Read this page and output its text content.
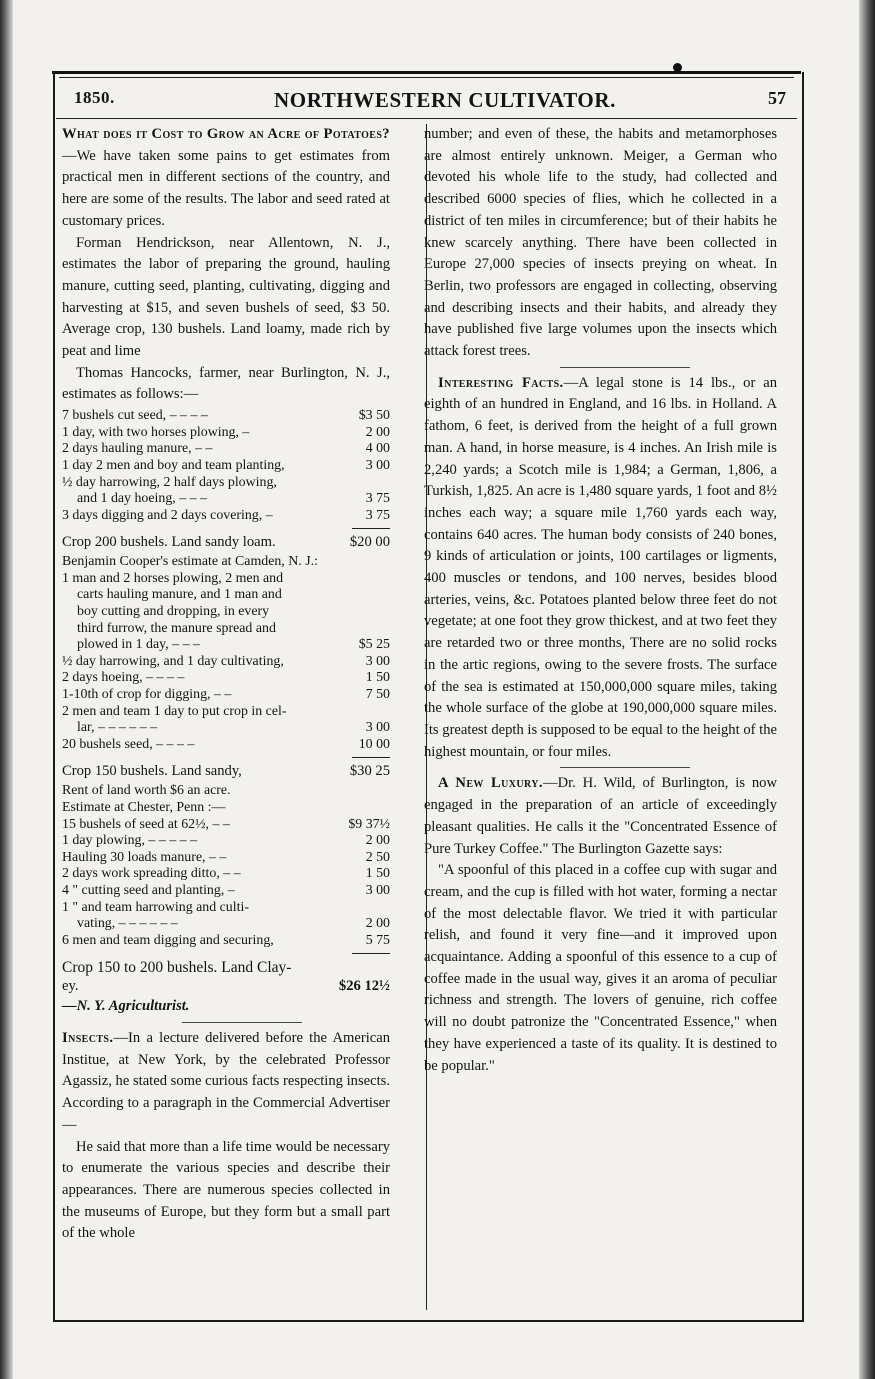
1850.	NORTHWESTERN CULTIVATOR.	57

What does it Cost to Grow an Acre of Potatoes?—We have taken some pains to get estimates from practical men in different sections of the country, and here are some of the results. The labor and seed rated at customary prices.

Forman Hendrickson, near Allentown, N. J., estimates the labor of preparing the ground, hauling manure, cutting seed, planting, cultivating, digging and harvesting at $15, and seven bushels of seed, $3 50. Average crop, 130 bushels. Land loamy, made rich by peat and lime

Thomas Hancocks, farmer, near Burlington, N. J., estimates as follows:—

7 bushels cut seed, – – – –	$3 50
1 day, with two horses plowing, –	2 00
2 days hauling manure, – –	4 00
1 day 2 men and boy and team planting,	3 00
½ day harrowing, 2 half days plowing,
and 1 day hoeing, – – –	3 75
3 days digging and 2 days covering, –	3 75
Crop 200 bushels. Land sandy loam.	$20 00
Benjamin Cooper's estimate at Camden, N. J.:
1 man and 2 horses plowing, 2 men and
carts hauling manure, and 1 man and
boy cutting and dropping, in every
third furrow, the manure spread and
plowed in 1 day, – – –	$5 25
½ day harrowing, and 1 day cultivating,	3 00
2 days hoeing, – – – –	1 50
1-10th of crop for digging, – –	7 50
2 men and team 1 day to put crop in cel-
lar, – – – – – –	3 00
20 bushels seed, – – – –	10 00
Crop 150 bushels. Land sandy,	$30 25
Rent of land worth $6 an acre.
Estimate at Chester, Penn :—
15 bushels of seed at 62½, – –	$9 37½
1 day plowing, – – – – –	2 00
Hauling 30 loads manure, – –	2 50
2 days work spreading ditto, – –	1 50
4 " cutting seed and planting, –	3 00
1 " and team harrowing and culti-
vating, – – – – – –	2 00
6 men and team digging and securing,	5 75
Crop 150 to 200 bushels. Land Clay-
ey.	$26 12½

—N. Y. Agriculturist.

Insects.—In a lecture delivered before the American Institue, at New York, by the celebrated Professor Agassiz, he stated some curious facts respecting insects. According to a paragraph in the Commercial Advertiser—

He said that more than a life time would be necessary to enumerate the various species and describe their appearances. There are numerous species collected in the museums of Europe, but they form but a small part of the whole

number; and even of these, the habits and metamorphoses are almost entirely unknown. Meiger, a German who devoted his whole life to the study, had collected and described 6000 species of flies, which he collected in a district of ten miles in circumference; but of their habits he knew scarcely anything. There have been collected in Europe 27,000 species of insects preying on wheat. In Berlin, two professors are engaged in collecting, observing and describing insects and their habits, and already they have published five large volumes upon the insects which attack forest trees.

Interesting Facts.—A legal stone is 14 lbs., or an eighth of an hundred in England, and 16 lbs. in Holland. A fathom, 6 feet, is derived from the height of a full grown man. A hand, in horse measure, is 4 inches. An Irish mile is 2,240 yards; a Scotch mile is 1,984; a German, 1,806, a Turkish, 1,825. An acre is 1,480 square yards, 1 foot and 8½ inches each way; a square mile 1,760 yards each way, contains 640 acres. The human body consists of 240 bones, 9 kinds of articulation or joints, 100 cartilages or ligments, 400 muscles or tendons, and 100 nerves, besides blood arteries, veins, &c. Potatoes planted below three feet do not vegetate; at one foot they grow thickest, and at two feet they are retarded two or three months, There are no solid rocks in the artic regions, owing to the severe frosts. The surface of the sea is estimated at 150,000,000 square miles, taking the whole surface of the globe at 190,000,000 square miles. Its greatest depth is supposed to be equal to the height of the highest mountain, or four miles.

A New Luxury.—Dr. H. Wild, of Burlington, is now engaged in the preparation of an article of exceedingly pleasant qualities. He calls it the "Concentrated Essence of Pure Turkey Coffee." The Burlington Gazette says:

"A spoonful of this placed in a coffee cup with sugar and cream, and the cup is filled with hot water, forming a nectar of the most delectable flavor. We tried it with particular relish, and found it very fine—and it improved upon acquaintance. Adding a spoonful of this essence to a cup of coffee made in the usual way, gives it an aroma of peculiar richness and strength. The lovers of genuine, rich coffee will no doubt patronize the "Concentrated Essence," when they have experienced a taste of its quality. It is destined to be popular."
